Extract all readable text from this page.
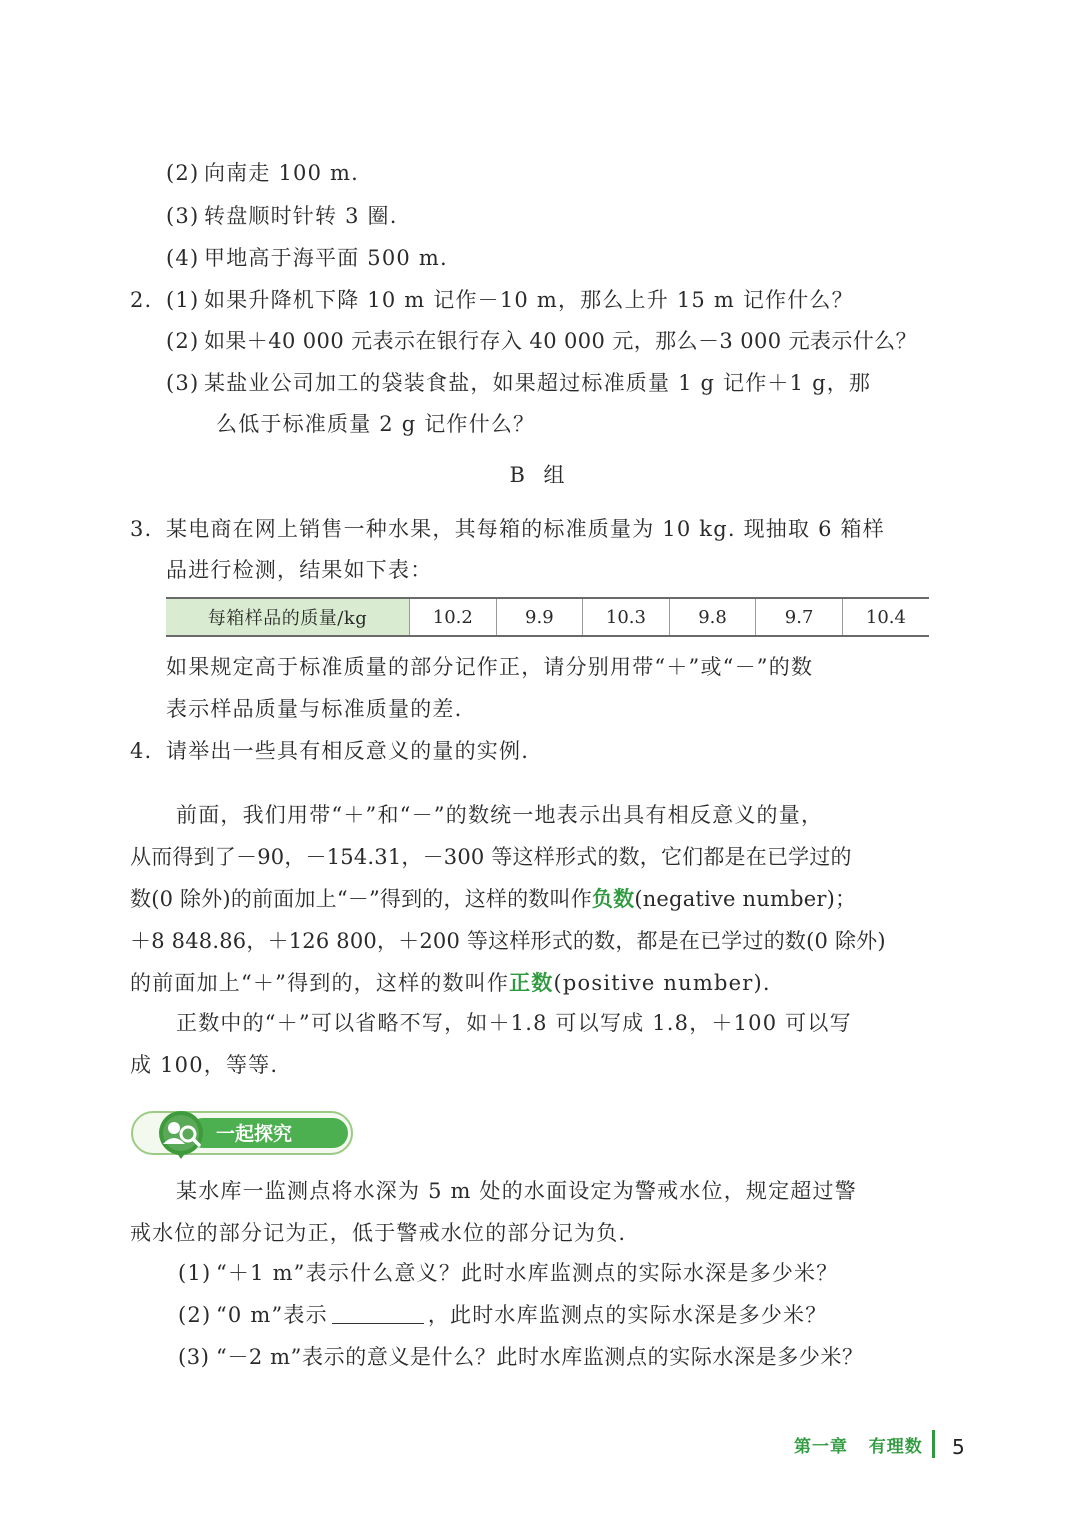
(2) 向南走 100 m.
(3) 转盘顺时针转 3 圈.
(4) 甲地高于海平面 500 m.
2. (1) 如果升降机下降 10 m 记作－10 m，那么上升 15 m 记作什么？
(2) 如果＋40 000 元表示在银行存入 40 000 元，那么－3 000 元表示什么？
(3) 某盐业公司加工的袋装食盐，如果超过标准质量 1 g 记作＋1 g，那
么低于标准质量 2 g 记作什么？
B 组
3. 某电商在网上销售一种水果，其每箱的标准质量为 10 kg. 现抽取 6 箱样
品进行检测，结果如下表：
每箱样品的质量/kg	10.2	9.9	10.3	9.8	9.7	10.4
如果规定高于标准质量的部分记作正，请分别用带“＋”或“－”的数
表示样品质量与标准质量的差.
4. 请举出一些具有相反意义的量的实例.
前面，我们用带“＋”和“－”的数统一地表示出具有相反意义的量，
从而得到了－90，－154.31，－300 等这样形式的数，它们都是在已学过的
数(0 除外)的前面加上“－”得到的，这样的数叫作负数(negative number)；
＋8 848.86，＋126 800，＋200 等这样形式的数，都是在已学过的数(0 除外)
的前面加上“＋”得到的，这样的数叫作正数(positive number).
正数中的“＋”可以省略不写，如＋1.8 可以写成 1.8，＋100 可以写
成 100，等等.
一起探究
某水库一监测点将水深为 5 m 处的水面设定为警戒水位，规定超过警
戒水位的部分记为正，低于警戒水位的部分记为负.
(1) “＋1 m”表示什么意义？此时水库监测点的实际水深是多少米？
(2) “0 m”表示	，此时水库监测点的实际水深是多少米？
(3) “－2 m”表示的意义是什么？此时水库监测点的实际水深是多少米？
第一章 有理数 5
